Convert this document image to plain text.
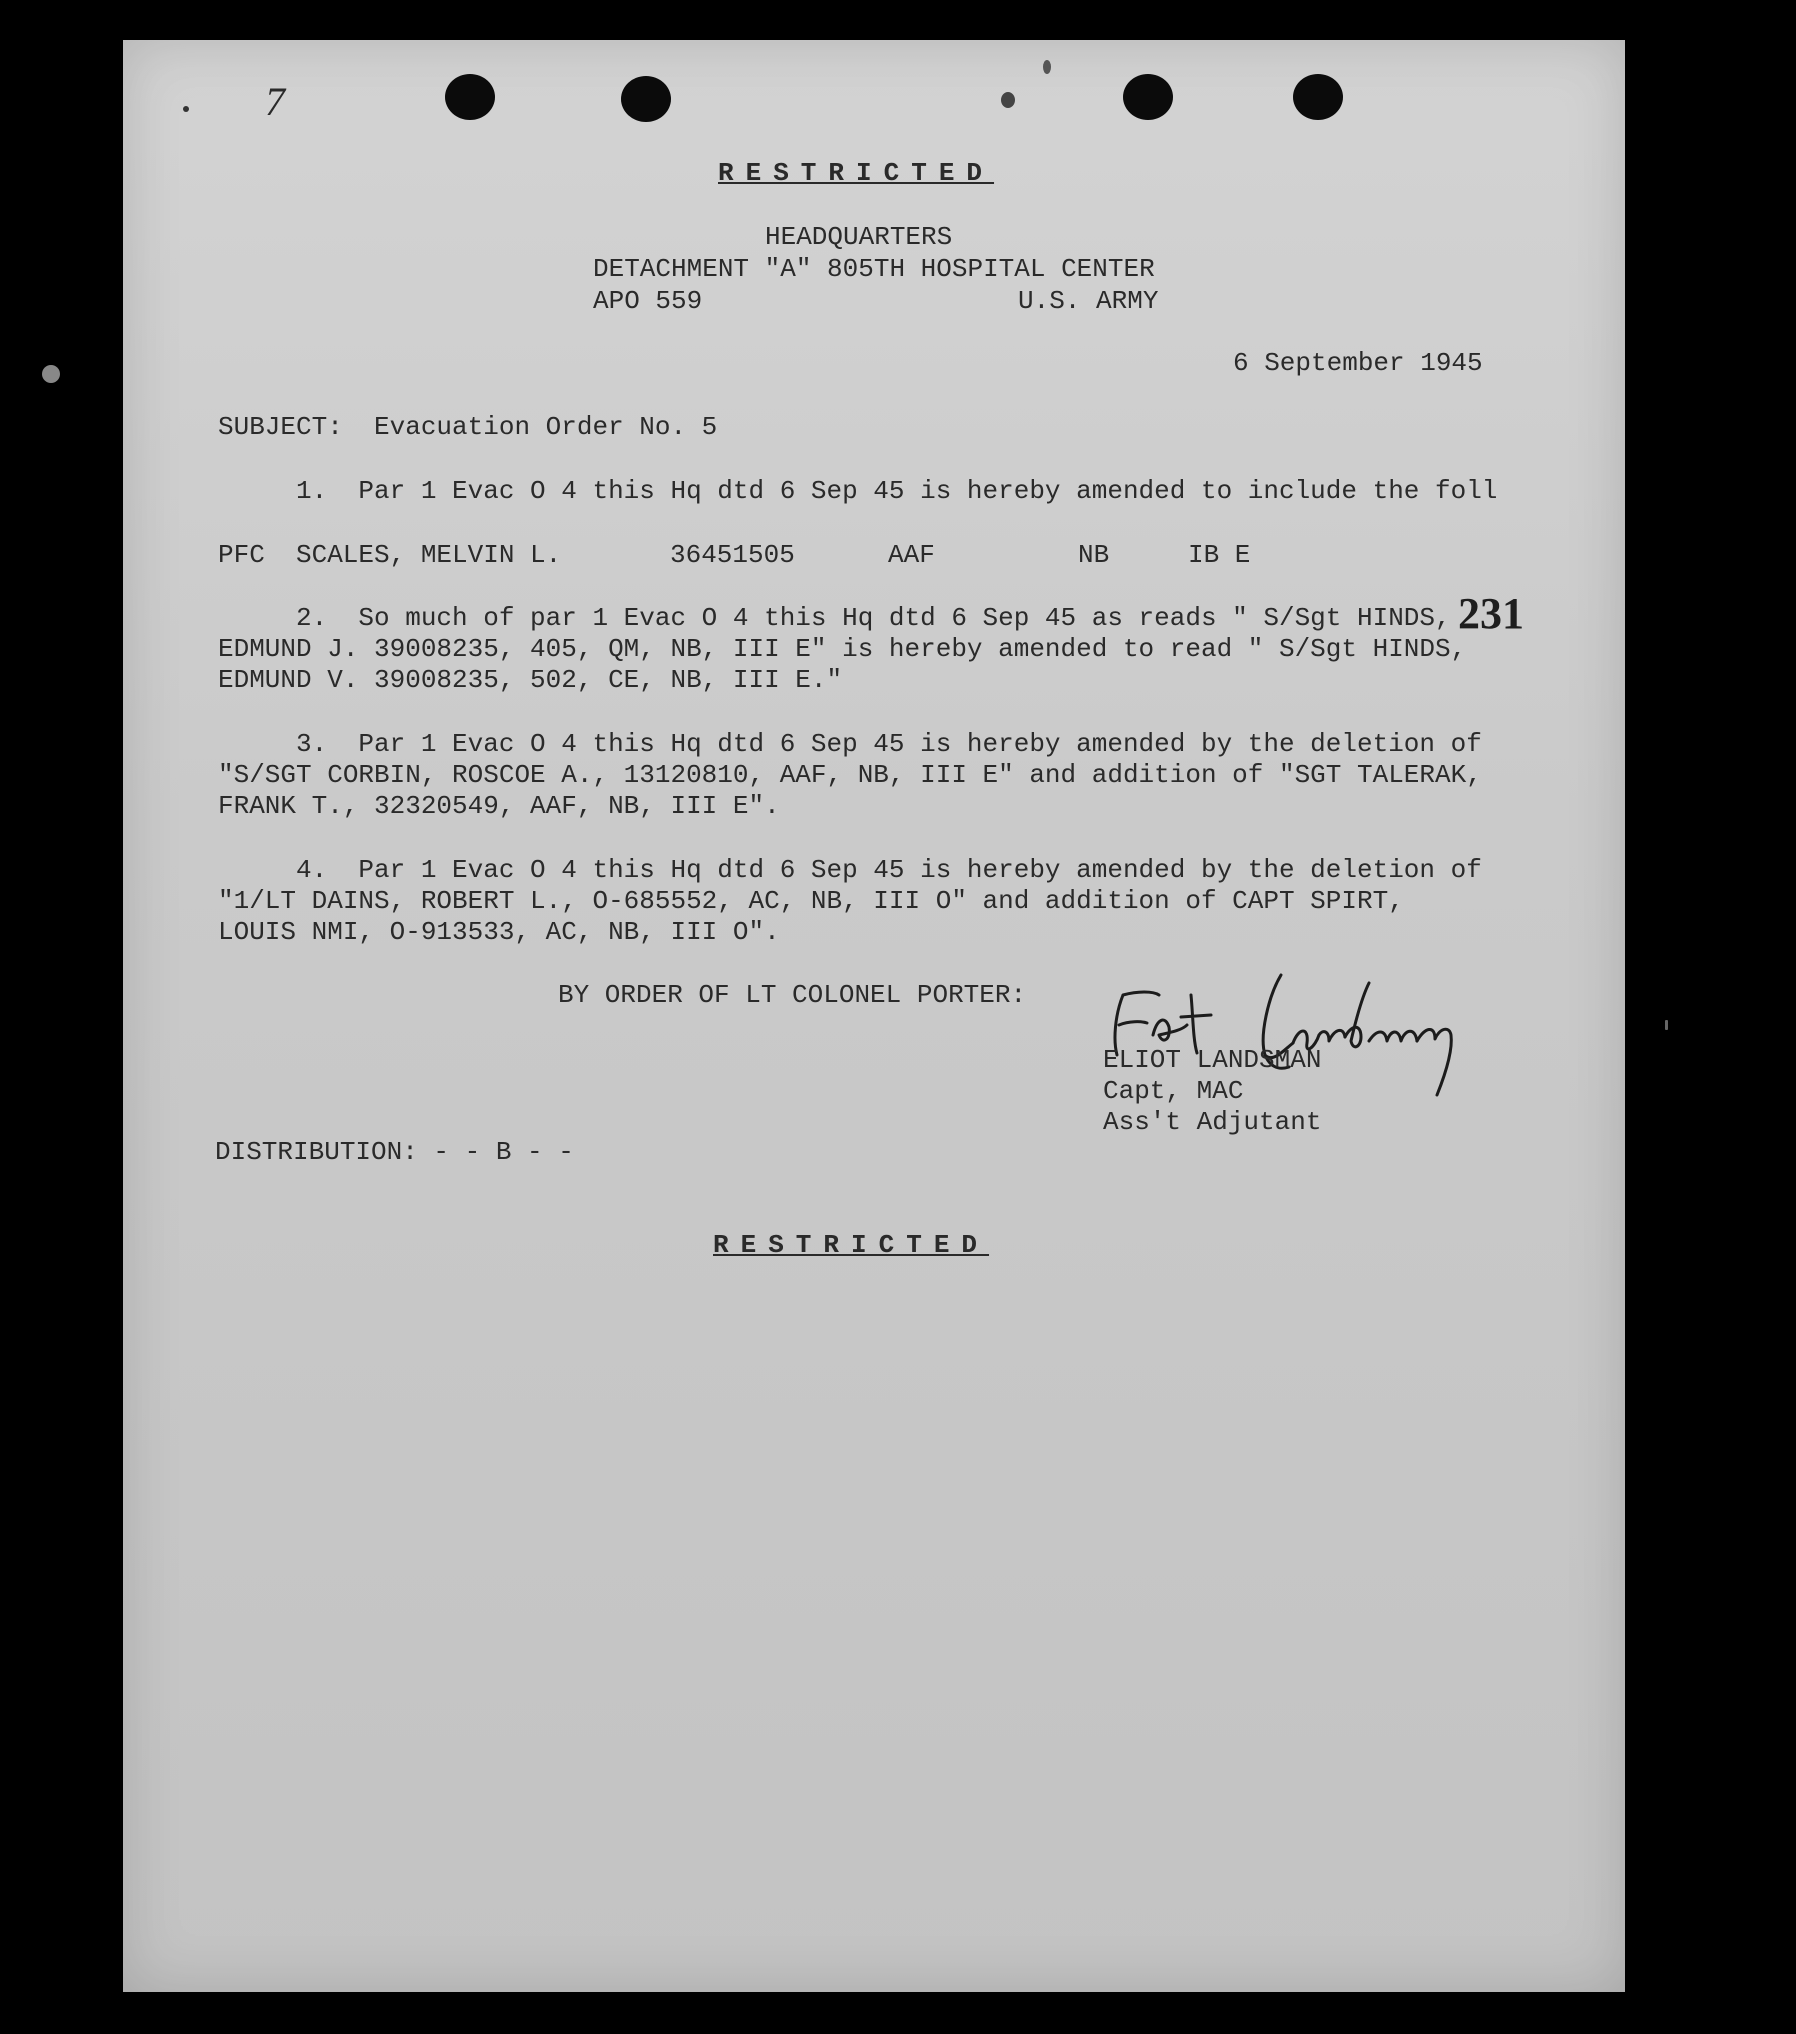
7
RESTRICTED
HEADQUARTERS
DETACHMENT "A" 805TH HOSPITAL CENTER
APO 559	U.S. ARMY
6 September 1945
SUBJECT:  Evacuation Order No. 5
1.  Par 1 Evac O 4 this Hq dtd 6 Sep 45 is hereby amended to include the foll
PFC SCALES, MELVIN L.	36451505	AAF	NB	IB E
2.  So much of par 1 Evac O 4 this Hq dtd 6 Sep 45 as reads " S/Sgt HINDS,
EDMUND J. 39008235, 405, QM, NB, III E" is hereby amended to read " S/Sgt HINDS,
EDMUND V. 39008235, 502, CE, NB, III E."
231
3.  Par 1 Evac O 4 this Hq dtd 6 Sep 45 is hereby amended by the deletion of
"S/SGT CORBIN, ROSCOE A., 13120810, AAF, NB, III E" and addition of "SGT TALERAK,
FRANK T., 32320549, AAF, NB, III E".
4.  Par 1 Evac O 4 this Hq dtd 6 Sep 45 is hereby amended by the deletion of
"1/LT DAINS, ROBERT L., O-685552, AC, NB, III O" and addition of CAPT SPIRT,
LOUIS NMI, O-913533, AC, NB, III O".
BY ORDER OF LT COLONEL PORTER:
ELIOT LANDSMAN
Capt, MAC
Ass't Adjutant
DISTRIBUTION: - - B - -
RESTRICTED
